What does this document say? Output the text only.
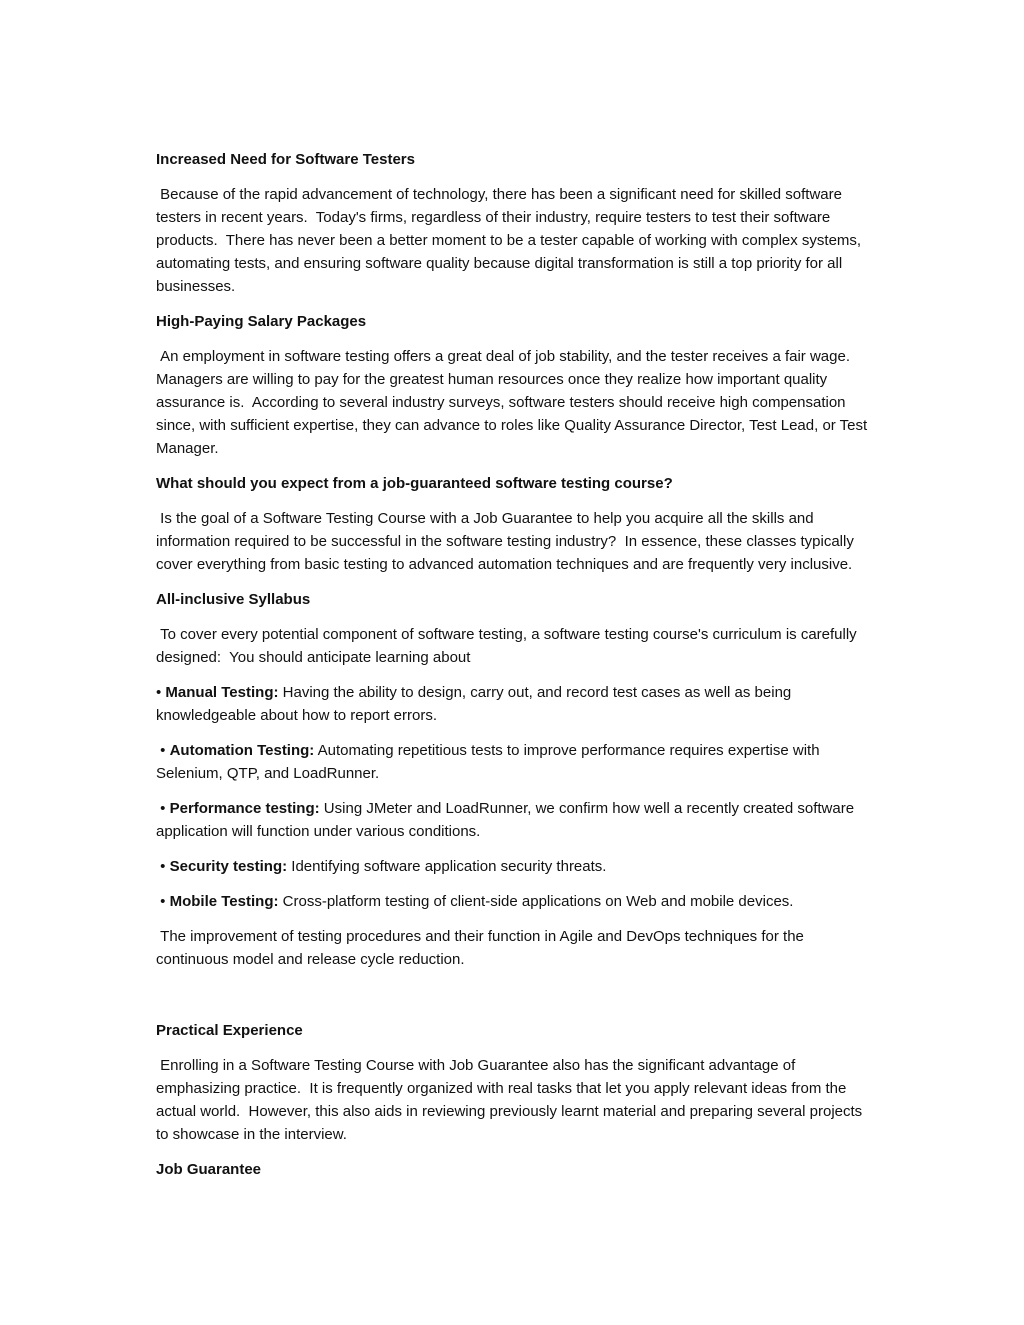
Increased Need for Software Testers
Because of the rapid advancement of technology, there has been a significant need for skilled software testers in recent years.  Today's firms, regardless of their industry, require testers to test their software products.  There has never been a better moment to be a tester capable of working with complex systems, automating tests, and ensuring software quality because digital transformation is still a top priority for all businesses.
High-Paying Salary Packages
An employment in software testing offers a great deal of job stability, and the tester receives a fair wage.  Managers are willing to pay for the greatest human resources once they realize how important quality assurance is.  According to several industry surveys, software testers should receive high compensation since, with sufficient expertise, they can advance to roles like Quality Assurance Director, Test Lead, or Test Manager.
What should you expect from a job-guaranteed software testing course?
Is the goal of a Software Testing Course with a Job Guarantee to help you acquire all the skills and information required to be successful in the software testing industry?  In essence, these classes typically cover everything from basic testing to advanced automation techniques and are frequently very inclusive.
All-inclusive Syllabus
To cover every potential component of software testing, a software testing course's curriculum is carefully designed:  You should anticipate learning about
• Manual Testing: Having the ability to design, carry out, and record test cases as well as being knowledgeable about how to report errors.
• Automation Testing: Automating repetitious tests to improve performance requires expertise with Selenium, QTP, and LoadRunner.
• Performance testing: Using JMeter and LoadRunner, we confirm how well a recently created software application will function under various conditions.
• Security testing: Identifying software application security threats.
• Mobile Testing: Cross-platform testing of client-side applications on Web and mobile devices.
The improvement of testing procedures and their function in Agile and DevOps techniques for the continuous model and release cycle reduction.
Practical Experience
Enrolling in a Software Testing Course with Job Guarantee also has the significant advantage of emphasizing practice.  It is frequently organized with real tasks that let you apply relevant ideas from the actual world.  However, this also aids in reviewing previously learnt material and preparing several projects to showcase in the interview.
Job Guarantee
